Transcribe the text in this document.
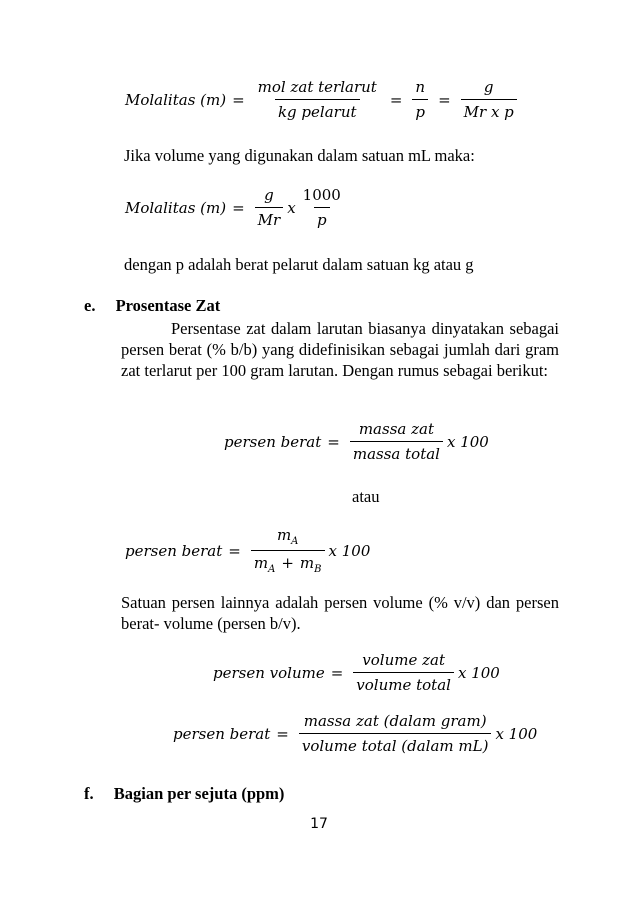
Molalitas $(m) = \frac{\text{mol zat terlarut}}{\text{kg pelarut}} = \frac{n}{p} = \frac{g}{\text{Mr x p}}$
Jika volume yang digunakan dalam satuan mL maka:
Molalitas $(m) = \frac{g}{Mr}$ x $\frac{1000}{p}$
dengan p adalah berat pelarut dalam satuan kg atau g
e. Prosentase Zat
Persentase zat dalam larutan biasanya dinyatakan sebagai persen berat (% b/b) yang didefinisikan sebagai jumlah dari gram zat terlarut per 100 gram larutan. Dengan rumus sebagai berikut:
persen berat = $\frac{\text{massa zat}}{\text{massa total}}$ x 100
atau
persen berat = $\frac{m_A}{m_A + m_B}$ x 100
Satuan persen lainnya adalah persen volume (% v/v) dan persen berat- volume (persen b/v).
persen volume = $\frac{\text{volume zat}}{\text{volume total}}$ x 100
persen berat = $\frac{\text{massa zat (dalam gram)}}{\text{volume total (dalam mL)}}$ x 100
f. Bagian per sejuta (ppm)
17
